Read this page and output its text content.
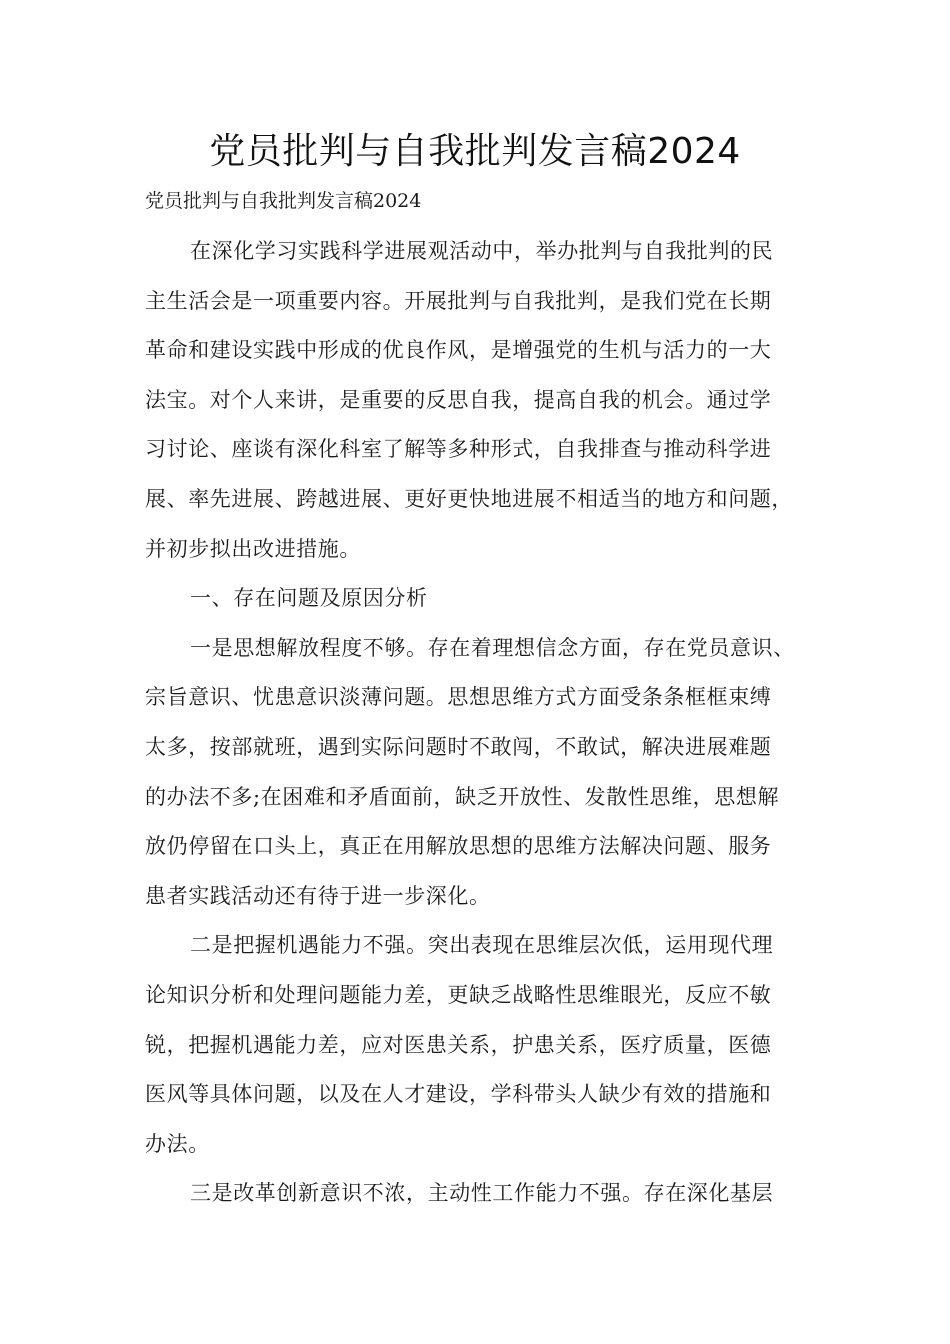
党员批判与自我批判发言稿2024

党员批判与自我批判发言稿2024

在深化学习实践科学进展观活动中，举办批判与自我批判的民

主生活会是一项重要内容。开展批判与自我批判，是我们党在长期

革命和建设实践中形成的优良作风，是增强党的生机与活力的一大

法宝。对个人来讲，是重要的反思自我，提高自我的机会。通过学

习讨论、座谈有深化科室了解等多种形式，自我排查与推动科学进

展、率先进展、跨越进展、更好更快地进展不相适当的地方和问题，

并初步拟出改进措施。

一、存在问题及原因分析

一是思想解放程度不够。存在着理想信念方面，存在党员意识、

宗旨意识、忧患意识淡薄问题。思想思维方式方面受条条框框束缚

太多，按部就班，遇到实际问题时不敢闯，不敢试，解决进展难题

的办法不多;在困难和矛盾面前，缺乏开放性、发散性思维，思想解

放仍停留在口头上，真正在用解放思想的思维方法解决问题、服务

患者实践活动还有待于进一步深化。

二是把握机遇能力不强。突出表现在思维层次低，运用现代理

论知识分析和处理问题能力差，更缺乏战略性思维眼光，反应不敏

锐，把握机遇能力差，应对医患关系，护患关系，医疗质量，医德

医风等具体问题，以及在人才建设，学科带头人缺少有效的措施和

办法。

三是改革创新意识不浓，主动性工作能力不强。存在深化基层
